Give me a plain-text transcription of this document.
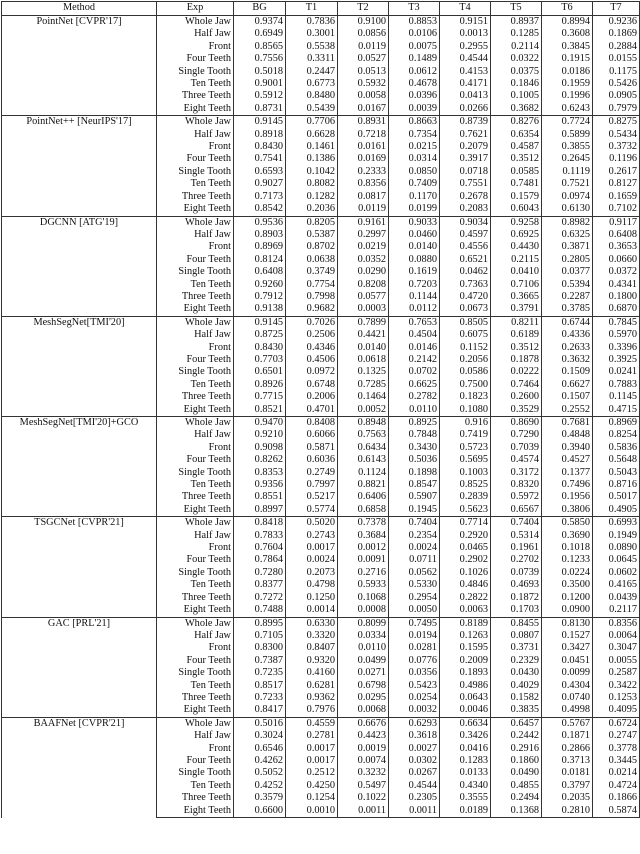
Method	Exp	BG	T1	T2	T3	T4	T5	T6	T7
PointNet [CVPR'17]	Whole Jaw	0.9374	0.7836	0.9100	0.8853	0.9151	0.8937	0.8994	0.9236
	Half Jaw	0.6949	0.3001	0.0856	0.0106	0.0013	0.1285	0.3608	0.1869
	Front	0.8565	0.5538	0.0119	0.0075	0.2955	0.2114	0.3845	0.2884
	Four Teeth	0.7556	0.3311	0.0527	0.1489	0.4544	0.0322	0.1915	0.0155
	Single Tooth	0.5018	0.2447	0.0513	0.0612	0.4153	0.0375	0.0186	0.1175
	Ten Teeth	0.9001	0.6773	0.5932	0.4678	0.4171	0.1846	0.1959	0.5426
	Three Teeth	0.5912	0.8480	0.0058	0.0396	0.0413	0.1005	0.1996	0.0905
	Eight Teeth	0.8731	0.5439	0.0167	0.0039	0.0266	0.3682	0.6243	0.7979
PointNet++ [NeurIPS'17]	Whole Jaw	0.9145	0.7706	0.8931	0.8663	0.8739	0.8276	0.7724	0.8275
	Half Jaw	0.8918	0.6628	0.7218	0.7354	0.7621	0.6354	0.5899	0.5434
	Front	0.8430	0.1461	0.0161	0.0215	0.2079	0.4587	0.3855	0.3732
	Four Teeth	0.7541	0.1386	0.0169	0.0314	0.3917	0.3512	0.2645	0.1196
	Single Tooth	0.6593	0.1042	0.2333	0.0850	0.0718	0.0585	0.1119	0.2617
	Ten Teeth	0.9027	0.8082	0.8356	0.7409	0.7551	0.7481	0.7521	0.8127
	Three Teeth	0.7173	0.1282	0.0817	0.1170	0.2678	0.1579	0.0974	0.1659
	Eight Teeth	0.8542	0.2036	0.0119	0.0199	0.2083	0.6043	0.6130	0.7102
DGCNN [ATG'19]	Whole Jaw	0.9536	0.8205	0.9161	0.9033	0.9034	0.9258	0.8982	0.9117
	Half Jaw	0.8903	0.5387	0.2997	0.0460	0.4597	0.6925	0.6325	0.6408
	Front	0.8969	0.8702	0.0219	0.0140	0.4556	0.4430	0.3871	0.3653
	Four Teeth	0.8124	0.0638	0.0352	0.0880	0.6521	0.2115	0.2805	0.0660
	Single Tooth	0.6408	0.3749	0.0290	0.1619	0.0462	0.0410	0.0377	0.0372
	Ten Teeth	0.9260	0.7754	0.8208	0.7203	0.7363	0.7106	0.5394	0.4341
	Three Teeth	0.7912	0.7998	0.0577	0.1144	0.4720	0.3665	0.2287	0.1800
	Eight Teeth	0.9138	0.9682	0.0003	0.0112	0.0673	0.3791	0.3785	0.6870
MeshSegNet[TMI'20]	Whole Jaw	0.9145	0.7026	0.7899	0.7653	0.8505	0.8211	0.6744	0.7845
	Half Jaw	0.8725	0.2506	0.4421	0.4504	0.6075	0.6189	0.4336	0.5970
	Front	0.8430	0.4346	0.0140	0.0146	0.1152	0.3512	0.2633	0.3396
	Four Teeth	0.7703	0.4506	0.0618	0.2142	0.2056	0.1878	0.3632	0.3925
	Single Tooth	0.6501	0.0972	0.1325	0.0702	0.0586	0.0222	0.1509	0.0241
	Ten Teeth	0.8926	0.6748	0.7285	0.6625	0.7500	0.7464	0.6627	0.7883
	Three Teeth	0.7715	0.2006	0.1464	0.2782	0.1823	0.2600	0.1507	0.1145
	Eight Teeth	0.8521	0.4701	0.0052	0.0110	0.1080	0.3529	0.2552	0.4715
MeshSegNet[TMI'20]+GCO	Whole Jaw	0.9470	0.8408	0.8948	0.8925	0.916	0.8690	0.7681	0.8969
	Half Jaw	0.9210	0.6066	0.7563	0.7848	0.7419	0.7290	0.4848	0.8254
	Front	0.9098	0.5871	0.6434	0.3430	0.5723	0.7039	0.3940	0.5836
	Four Teeth	0.8262	0.6036	0.6143	0.5036	0.5695	0.4574	0.4527	0.5648
	Single Tooth	0.8353	0.2749	0.1124	0.1898	0.1003	0.3172	0.1377	0.5043
	Ten Teeth	0.9356	0.7997	0.8821	0.8547	0.8525	0.8320	0.7496	0.8716
	Three Teeth	0.8551	0.5217	0.6406	0.5907	0.2839	0.5972	0.1956	0.5017
	Eight Teeth	0.8997	0.5774	0.6858	0.1945	0.5623	0.6567	0.3806	0.4905
TSGCNet [CVPR'21]	Whole Jaw	0.8418	0.5020	0.7378	0.7404	0.7714	0.7404	0.5850	0.6993
	Half Jaw	0.7833	0.2743	0.3684	0.2354	0.2920	0.5314	0.3690	0.1949
	Front	0.7604	0.0017	0.0012	0.0024	0.0465	0.1961	0.1018	0.0890
	Four Teeth	0.7864	0.0024	0.0091	0.0711	0.2902	0.2702	0.1233	0.0645
	Single Tooth	0.7280	0.2073	0.2716	0.0562	0.1026	0.0739	0.0224	0.0602
	Ten Teeth	0.8377	0.4798	0.5933	0.5330	0.4846	0.4693	0.3500	0.4165
	Three Teeth	0.7272	0.1250	0.1068	0.2954	0.2822	0.1872	0.1200	0.0439
	Eight Teeth	0.7488	0.0014	0.0008	0.0050	0.0063	0.1703	0.0900	0.2117
GAC [PRL'21]	Whole Jaw	0.8995	0.6330	0.8099	0.7495	0.8189	0.8455	0.8130	0.8356
	Half Jaw	0.7105	0.3320	0.0334	0.0194	0.1263	0.0807	0.1527	0.0064
	Front	0.8300	0.8407	0.0110	0.0281	0.1595	0.3731	0.3427	0.3047
	Four Teeth	0.7387	0.9320	0.0499	0.0776	0.2009	0.2329	0.0451	0.0055
	Single Tooth	0.7235	0.4160	0.0271	0.0356	0.1893	0.0430	0.0099	0.2587
	Ten Teeth	0.8517	0.6281	0.6798	0.5423	0.4986	0.4029	0.4304	0.3422
	Three Teeth	0.7233	0.9362	0.0295	0.0254	0.0643	0.1582	0.0740	0.1253
	Eight Teeth	0.8417	0.7976	0.0068	0.0032	0.0046	0.3835	0.4998	0.4095
BAAFNet [CVPR'21]	Whole Jaw	0.5016	0.4559	0.6676	0.6293	0.6634	0.6457	0.5767	0.6724
	Half Jaw	0.3024	0.2781	0.4423	0.3618	0.3426	0.2442	0.1871	0.2747
	Front	0.6546	0.0017	0.0019	0.0027	0.0416	0.2916	0.2866	0.3778
	Four Teeth	0.4262	0.0017	0.0074	0.0302	0.1283	0.1860	0.3713	0.3445
	Single Tooth	0.5052	0.2512	0.3232	0.0267	0.0133	0.0490	0.0181	0.0214
	Ten Teeth	0.4252	0.4250	0.5497	0.4544	0.4340	0.4855	0.3797	0.4724
	Three Teeth	0.3579	0.1254	0.1022	0.2305	0.3555	0.2494	0.2035	0.1866
	Eight Teeth	0.6600	0.0010	0.0011	0.0011	0.0189	0.1368	0.2810	0.5874
